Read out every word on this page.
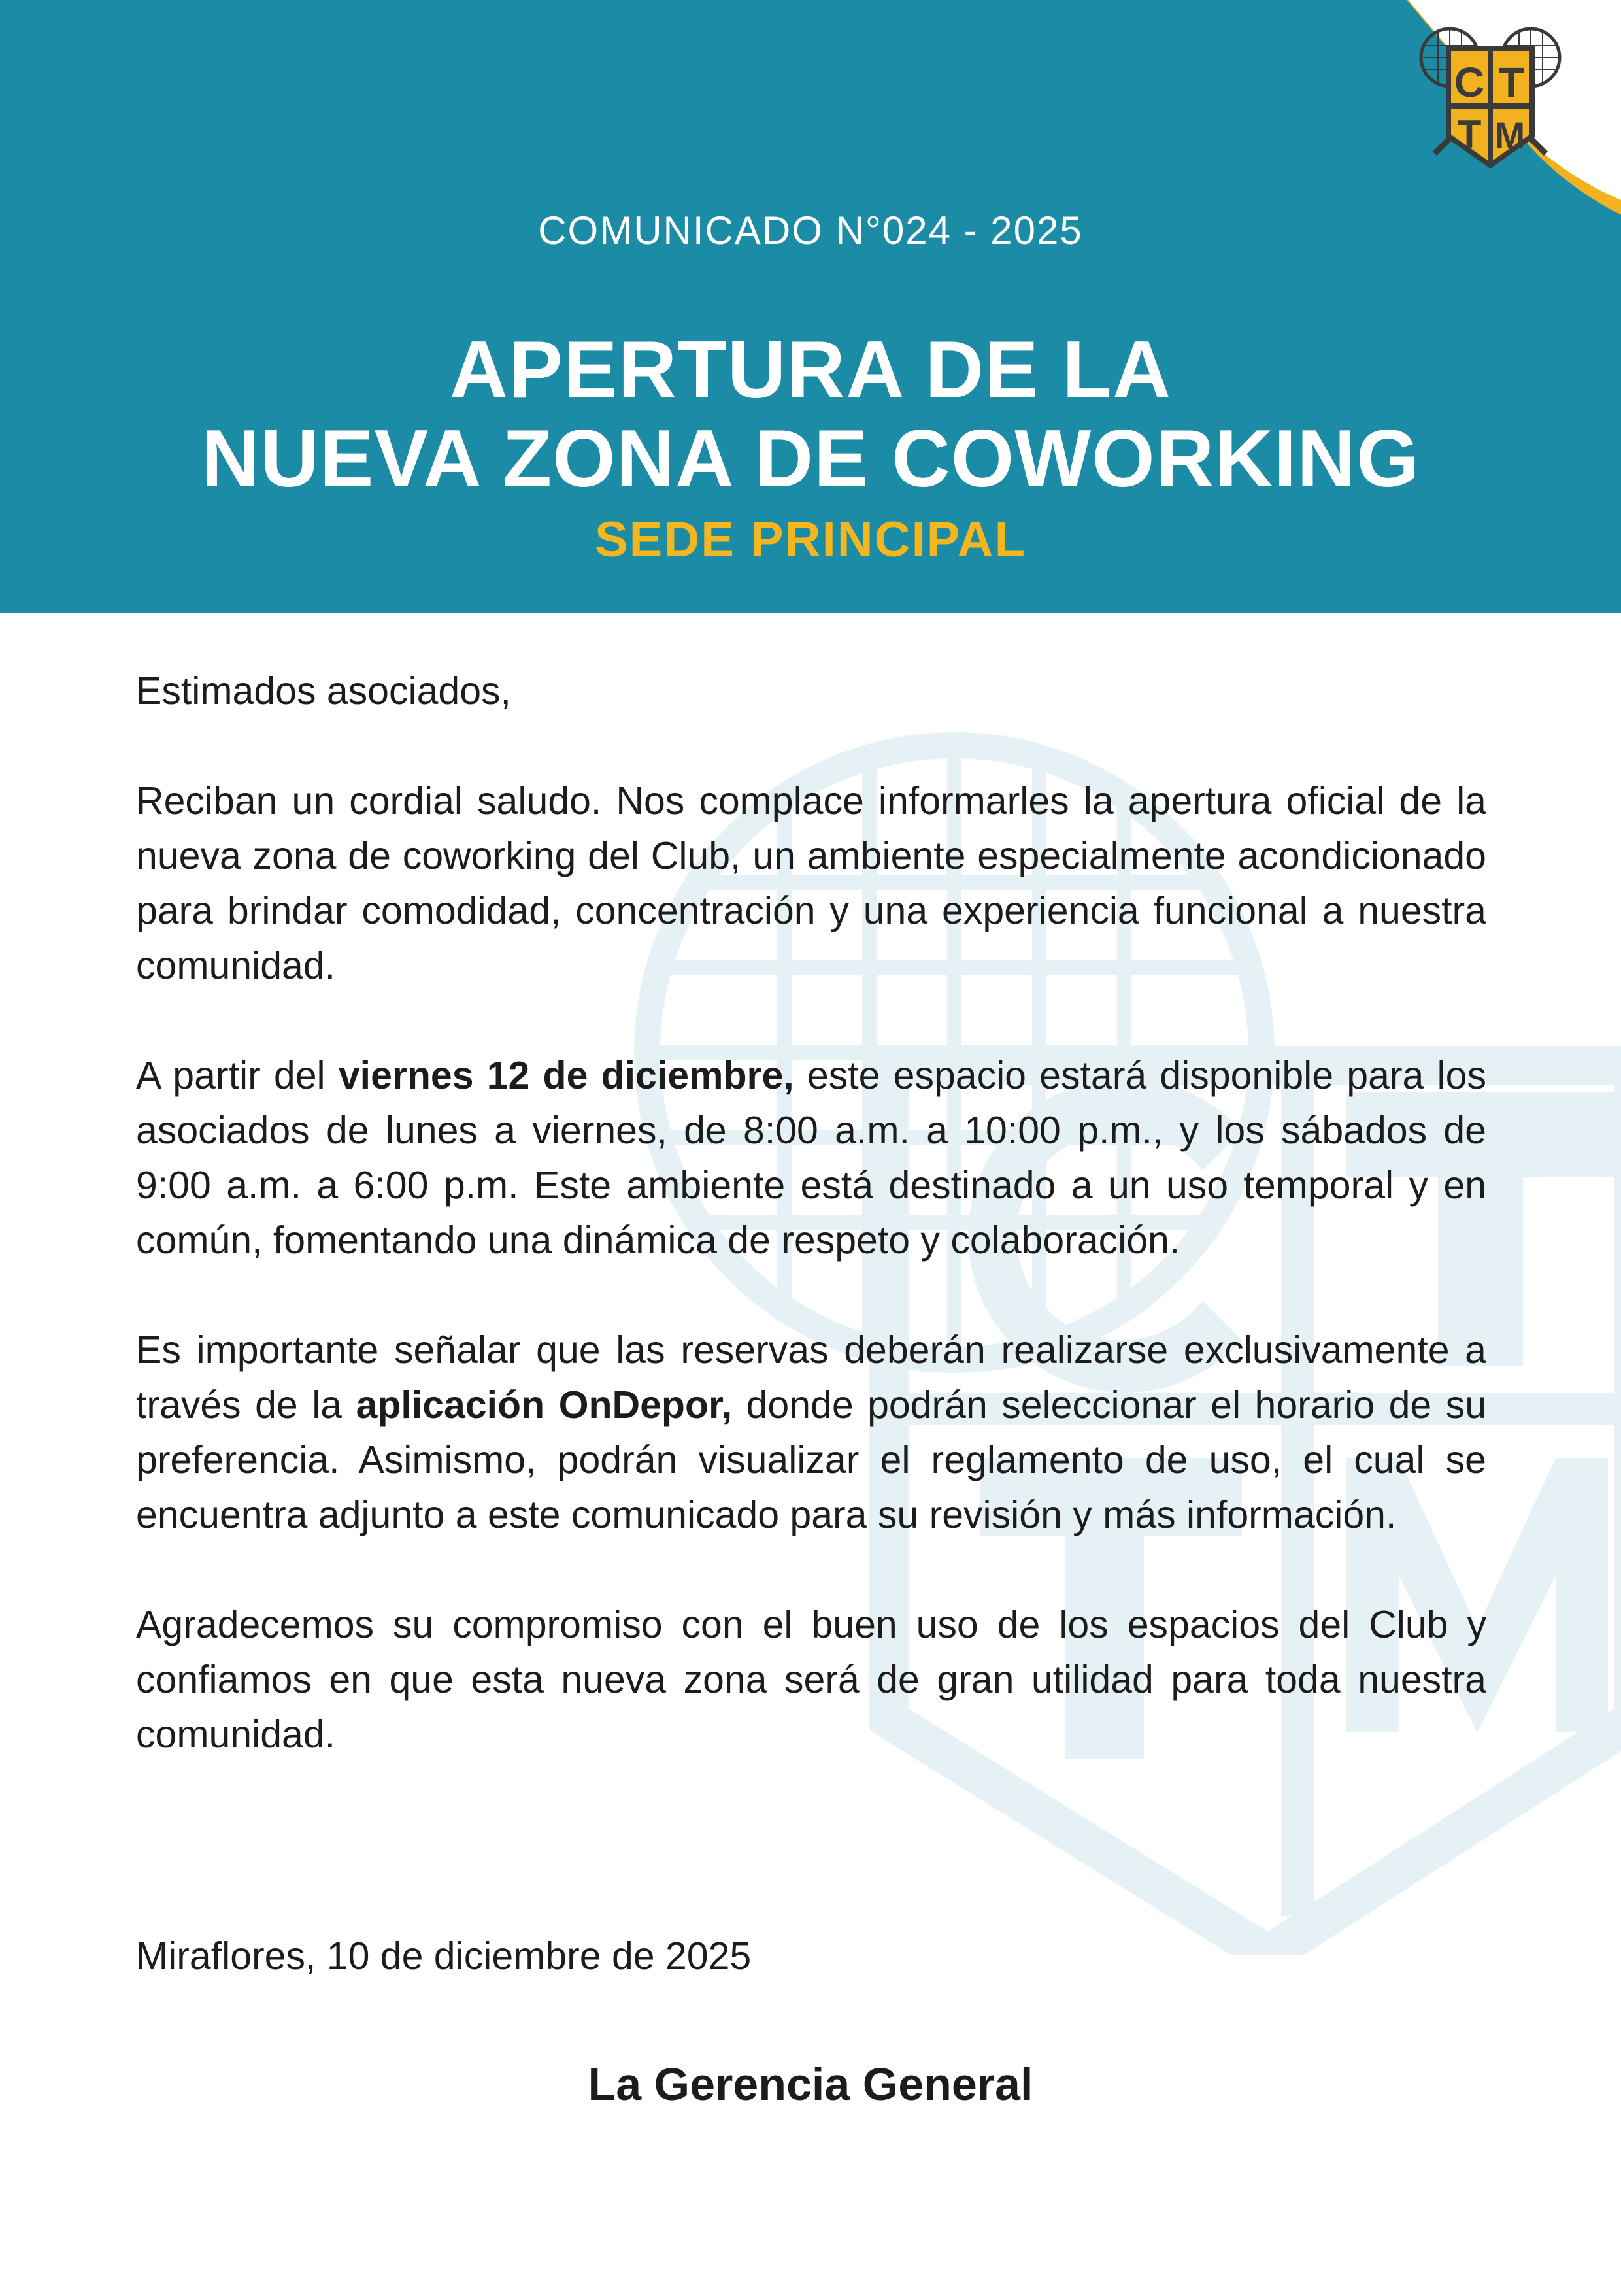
C T
T M
COMUNICADO N°024 - 2025
APERTURA DE LA
NUEVA ZONA DE COWORKING
SEDE PRINCIPAL

Estimados asociados,

Reciban un cordial saludo. Nos complace informarles la apertura oficial de la nueva zona de coworking del Club, un ambiente especialmente acondicionado para brindar comodidad, concentración y una experiencia funcional a nuestra comunidad.

A partir del viernes 12 de diciembre, este espacio estará disponible para los asociados de lunes a viernes, de 8:00 a.m. a 10:00 p.m., y los sábados de 9:00 a.m. a 6:00 p.m. Este ambiente está destinado a un uso temporal y en común, fomentando una dinámica de respeto y colaboración.

Es importante señalar que las reservas deberán realizarse exclusivamente a través de la aplicación OnDepor, donde podrán seleccionar el horario de su preferencia. Asimismo, podrán visualizar el reglamento de uso, el cual se encuentra adjunto a este comunicado para su revisión y más información.

Agradecemos su compromiso con el buen uso de los espacios del Club y confiamos en que esta nueva zona será de gran utilidad para toda nuestra comunidad.

Miraflores, 10 de diciembre de 2025
La Gerencia General
